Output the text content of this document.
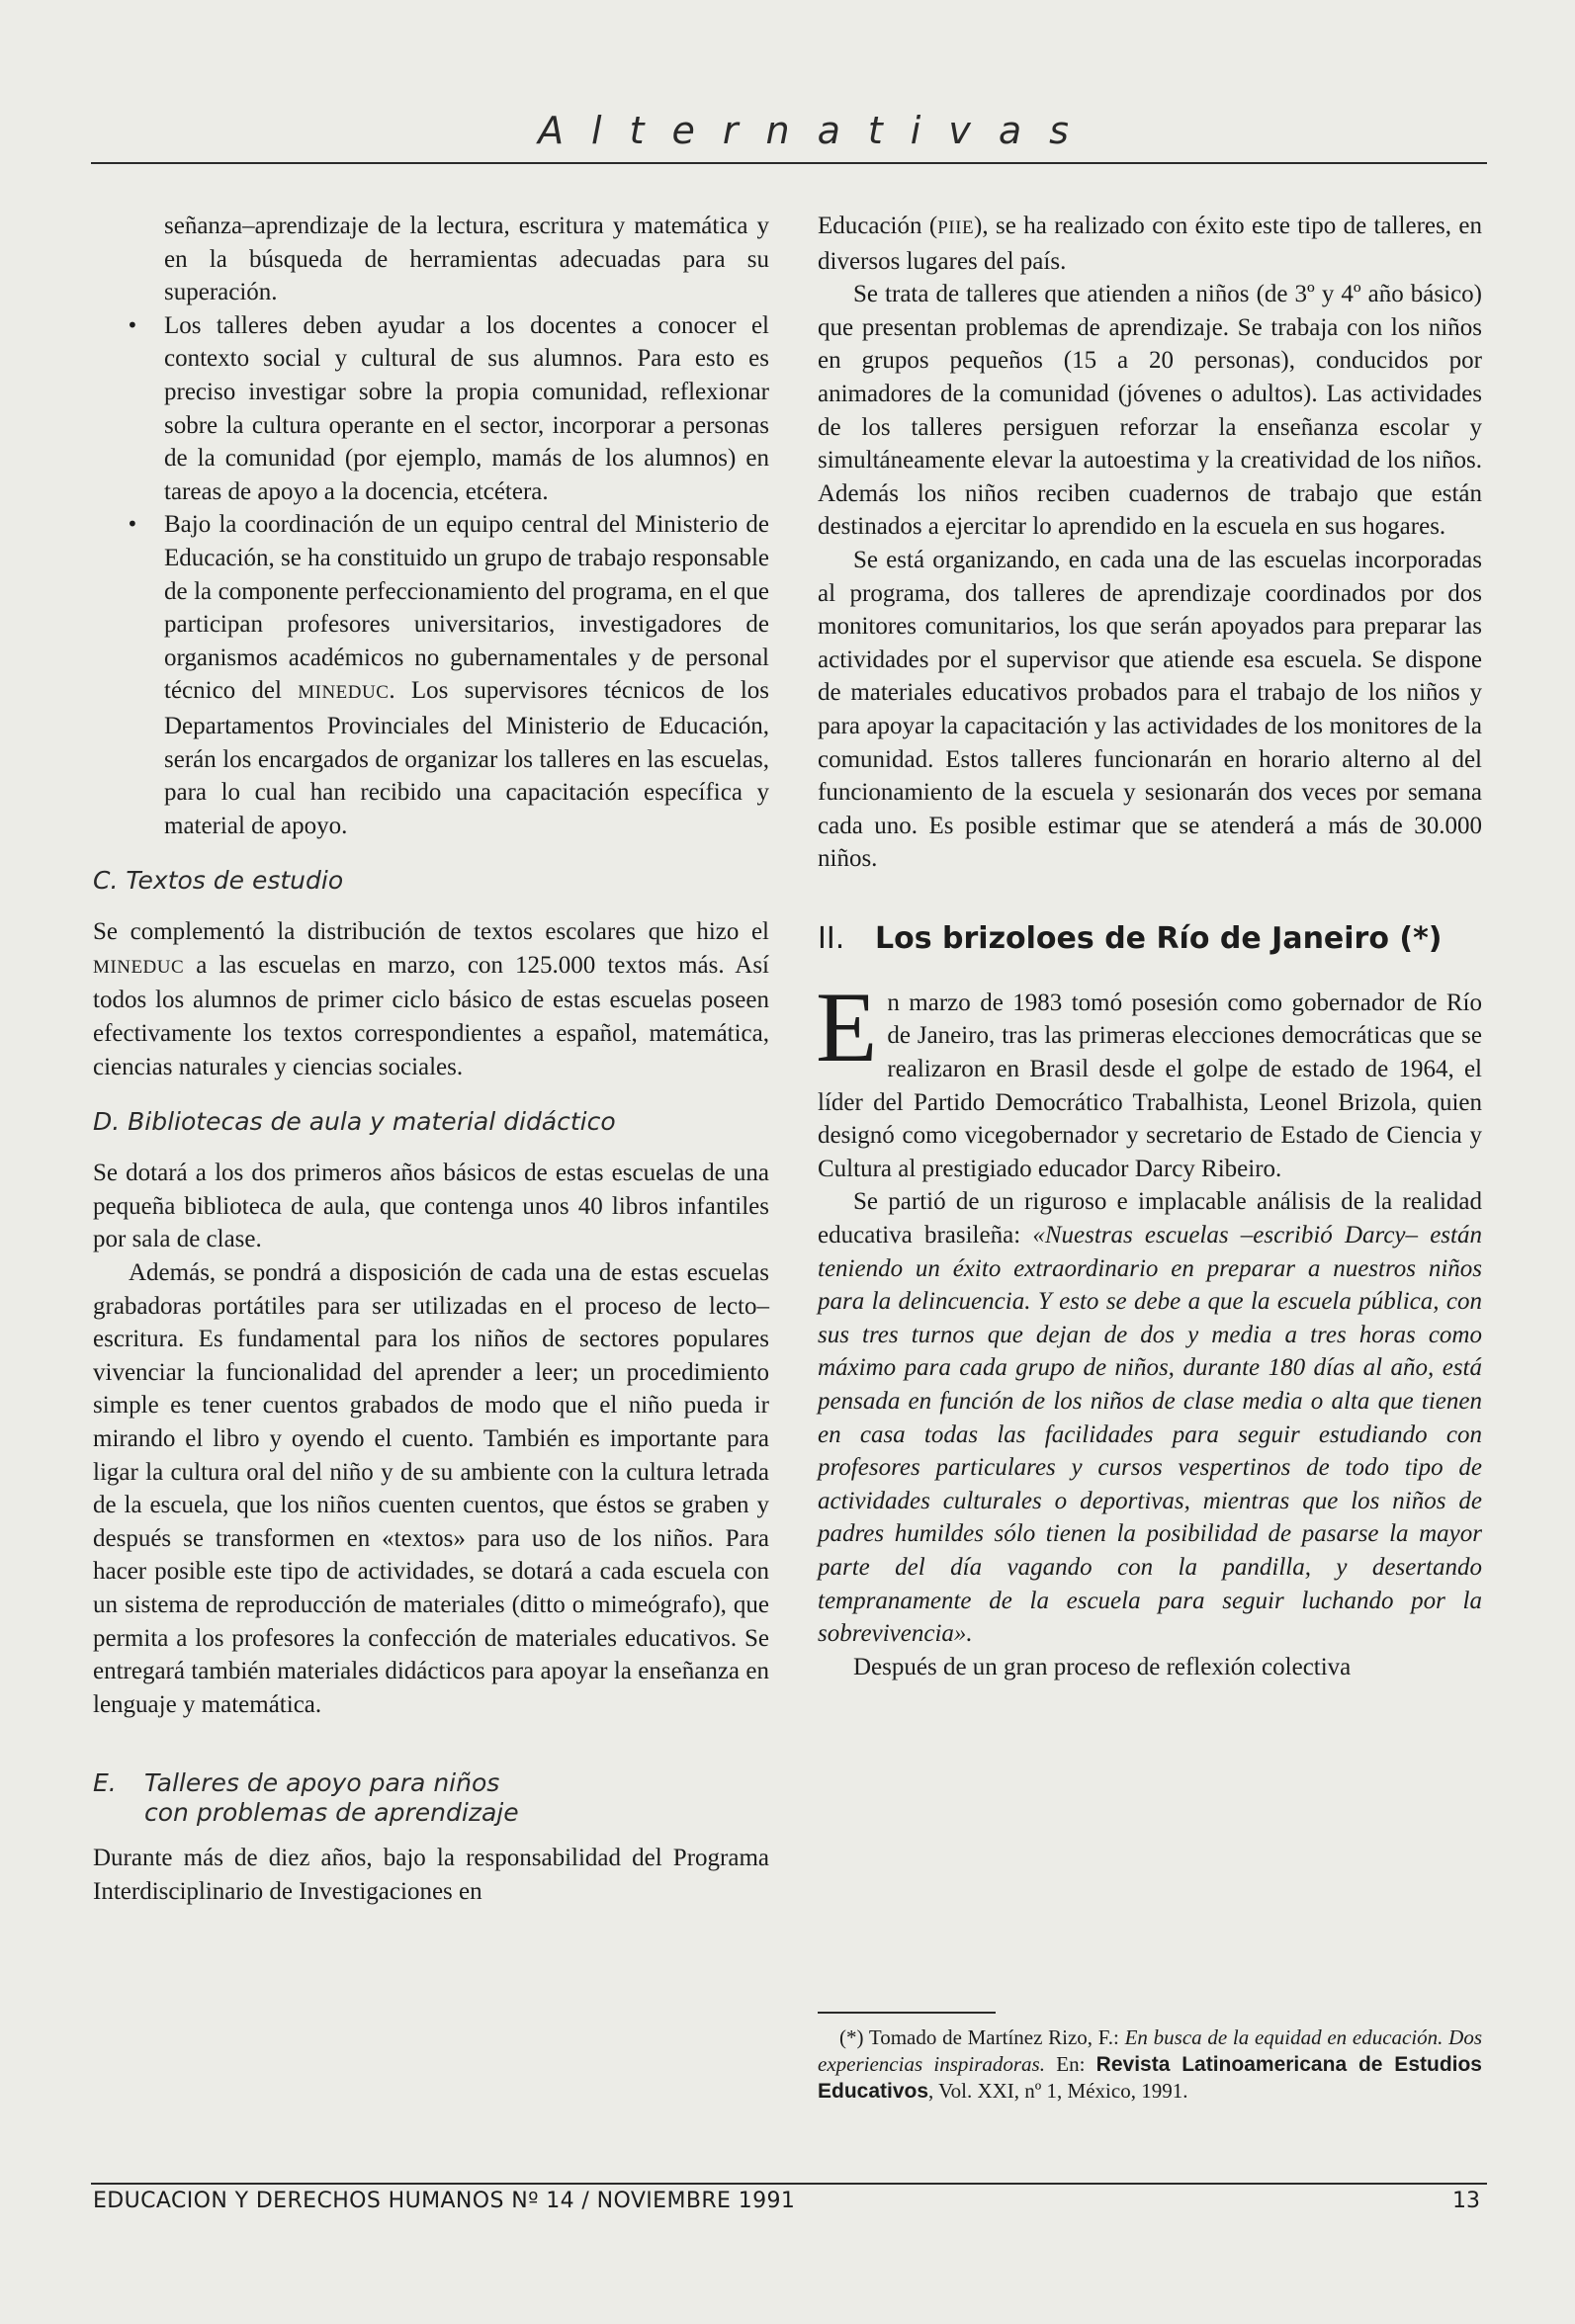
Alternativas

señanza–aprendizaje de la lectura, escritura y matemática y en la búsqueda de herramientas adecuadas para su superación.

• Los talleres deben ayudar a los docentes a conocer el contexto social y cultural de sus alumnos. Para esto es preciso investigar sobre la propia comunidad, reflexionar sobre la cultura operante en el sector, incorporar a personas de la comunidad (por ejemplo, mamás de los alumnos) en tareas de apoyo a la docencia, etcétera.
• Bajo la coordinación de un equipo central del Ministerio de Educación, se ha constituido un grupo de trabajo responsable de la componente perfeccionamiento del programa, en el que participan profesores universitarios, investigadores de organismos académicos no gubernamentales y de personal técnico del MINEDUC. Los supervisores técnicos de los Departamentos Provinciales del Ministerio de Educación, serán los encargados de organizar los talleres en las escuelas, para lo cual han recibido una capacitación específica y material de apoyo.
C. Textos de estudio

Se complementó la distribución de textos escolares que hizo el MINEDUC a las escuelas en marzo, con 125.000 textos más. Así todos los alumnos de primer ciclo básico de estas escuelas poseen efectivamente los textos correspondientes a español, matemática, ciencias naturales y ciencias sociales.

D. Bibliotecas de aula y material didáctico

Se dotará a los dos primeros años básicos de estas escuelas de una pequeña biblioteca de aula, que contenga unos 40 libros infantiles por sala de clase.

Además, se pondrá a disposición de cada una de estas escuelas grabadoras portátiles para ser utilizadas en el proceso de lecto–escritura. Es fundamental para los niños de sectores populares vivenciar la funcionalidad del aprender a leer; un procedimiento simple es tener cuentos grabados de modo que el niño pueda ir mirando el libro y oyendo el cuento. También es importante para ligar la cultura oral del niño y de su ambiente con la cultura letrada de la escuela, que los niños cuenten cuentos, que éstos se graben y después se transformen en «textos» para uso de los niños. Para hacer posible este tipo de actividades, se dotará a cada escuela con un sistema de reproducción de materiales (ditto o mimeógrafo), que permita a los profesores la confección de materiales educativos. Se entregará también materiales didácticos para apoyar la enseñanza en lenguaje y matemática.

E.	Talleres de apoyo para niños
con problemas de aprendizaje

Durante más de diez años, bajo la responsabilidad del Programa Interdisciplinario de Investigaciones en

Educación (PIIE), se ha realizado con éxito este tipo de talleres, en diversos lugares del país.

Se trata de talleres que atienden a niños (de 3º y 4º año básico) que presentan problemas de aprendizaje. Se trabaja con los niños en grupos pequeños (15 a 20 personas), conducidos por animadores de la comunidad (jóvenes o adultos). Las actividades de los talleres persiguen reforzar la enseñanza escolar y simultáneamente elevar la autoestima y la creatividad de los niños. Además los niños reciben cuadernos de trabajo que están destinados a ejercitar lo aprendido en la escuela en sus hogares.

Se está organizando, en cada una de las escuelas incorporadas al programa, dos talleres de aprendizaje coordinados por dos monitores comunitarios, los que serán apoyados para preparar las actividades por el supervisor que atiende esa escuela. Se dispone de materiales educativos probados para el trabajo de los niños y para apoyar la capacitación y las actividades de los monitores de la comunidad. Estos talleres funcionarán en horario alterno al del funcionamiento de la escuela y sesionarán dos veces por semana cada uno. Es posible estimar que se atenderá a más de 30.000 niños.

II. Los brizoloes de Río de Janeiro (*)

En marzo de 1983 tomó posesión como gobernador de Río de Janeiro, tras las primeras elecciones democráticas que se realizaron en Brasil desde el golpe de estado de 1964, el líder del Partido Democrático Trabalhista, Leonel Brizola, quien designó como vicegobernador y secretario de Estado de Ciencia y Cultura al prestigiado educador Darcy Ribeiro.

Se partió de un riguroso e implacable análisis de la realidad educativa brasileña: «Nuestras escuelas –escribió Darcy– están teniendo un éxito extraordinario en preparar a nuestros niños para la delincuencia. Y esto se debe a que la escuela pública, con sus tres turnos que dejan de dos y media a tres horas como máximo para cada grupo de niños, durante 180 días al año, está pensada en función de los niños de clase media o alta que tienen en casa todas las facilidades para seguir estudiando con profesores particulares y cursos vespertinos de todo tipo de actividades culturales o deportivas, mientras que los niños de padres humildes sólo tienen la posibilidad de pasarse la mayor parte del día vagando con la pandilla, y desertando tempranamente de la escuela para seguir luchando por la sobrevivencia».

Después de un gran proceso de reflexión colectiva

(*) Tomado de Martínez Rizo, F.: En busca de la equidad en educación. Dos experiencias inspiradoras. En: Revista Latinoamericana de Estudios Educativos, Vol. XXI, nº 1, México, 1991.

EDUCACION Y DERECHOS HUMANOS Nº 14 / NOVIEMBRE 1991	13
